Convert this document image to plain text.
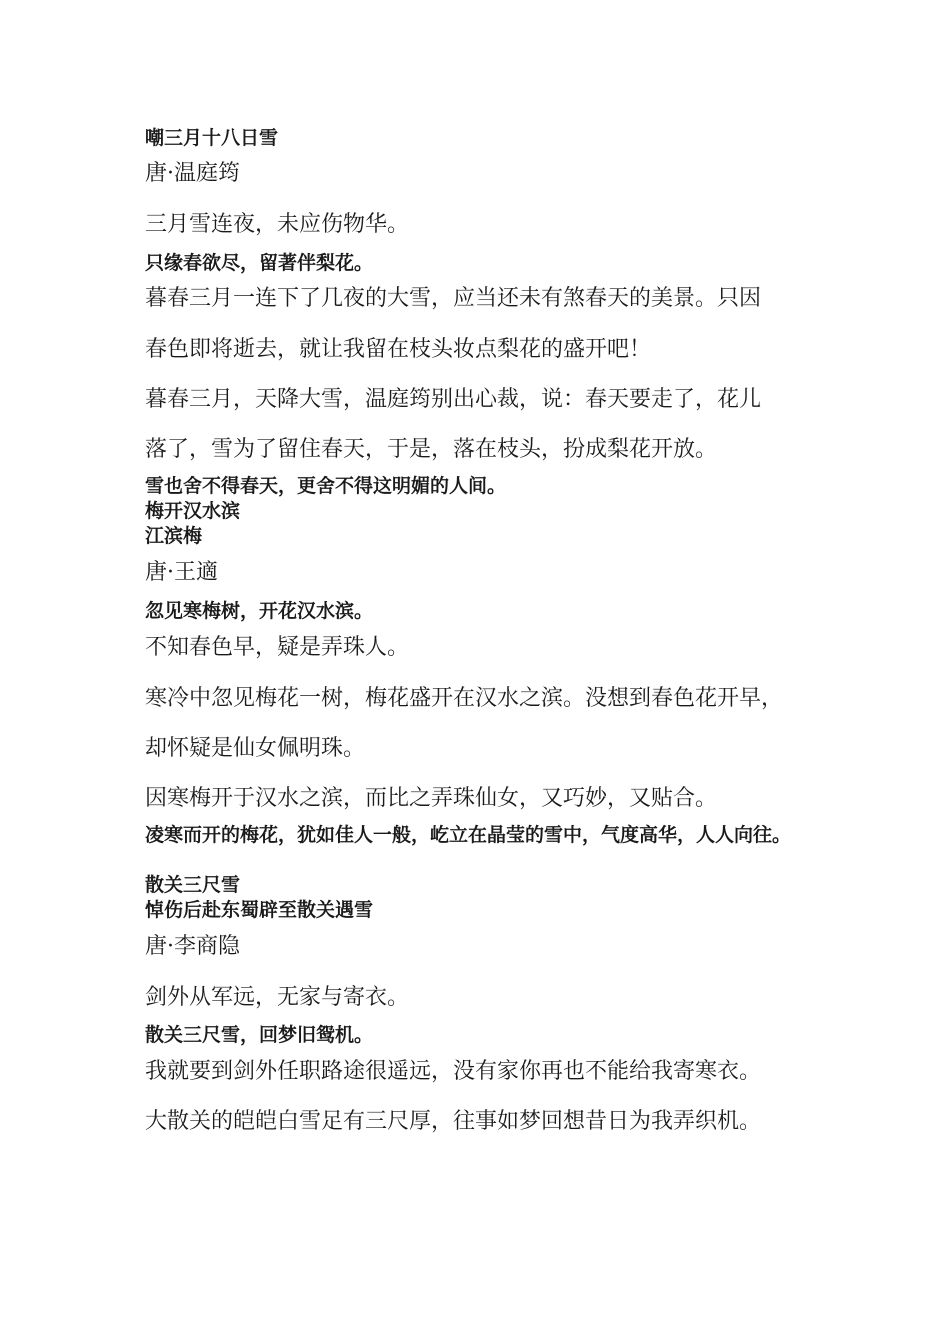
嘲三月十八日雪

唐·温庭筠

三月雪连夜，未应伤物华。

只缘春欲尽，留著伴梨花。

暮春三月一连下了几夜的大雪，应当还未有煞春天的美景。只因

春色即将逝去，就让我留在枝头妆点梨花的盛开吧！

暮春三月，天降大雪，温庭筠别出心裁，说：春天要走了，花儿

落了，雪为了留住春天，于是，落在枝头，扮成梨花开放。

雪也舍不得春天，更舍不得这明媚的人间。

梅开汉水滨

江滨梅

唐·王適

忽见寒梅树，开花汉水滨。

不知春色早，疑是弄珠人。

寒冷中忽见梅花一树，梅花盛开在汉水之滨。没想到春色花开早，

却怀疑是仙女佩明珠。

因寒梅开于汉水之滨，而比之弄珠仙女，又巧妙，又贴合。

凌寒而开的梅花，犹如佳人一般，屹立在晶莹的雪中，气度高华，人人向往。

散关三尺雪

悼伤后赴东蜀辟至散关遇雪

唐·李商隐

剑外从军远，无家与寄衣。

散关三尺雪，回梦旧鸳机。

我就要到剑外任职路途很遥远，没有家你再也不能给我寄寒衣。

大散关的皑皑白雪足有三尺厚，往事如梦回想昔日为我弄织机。
